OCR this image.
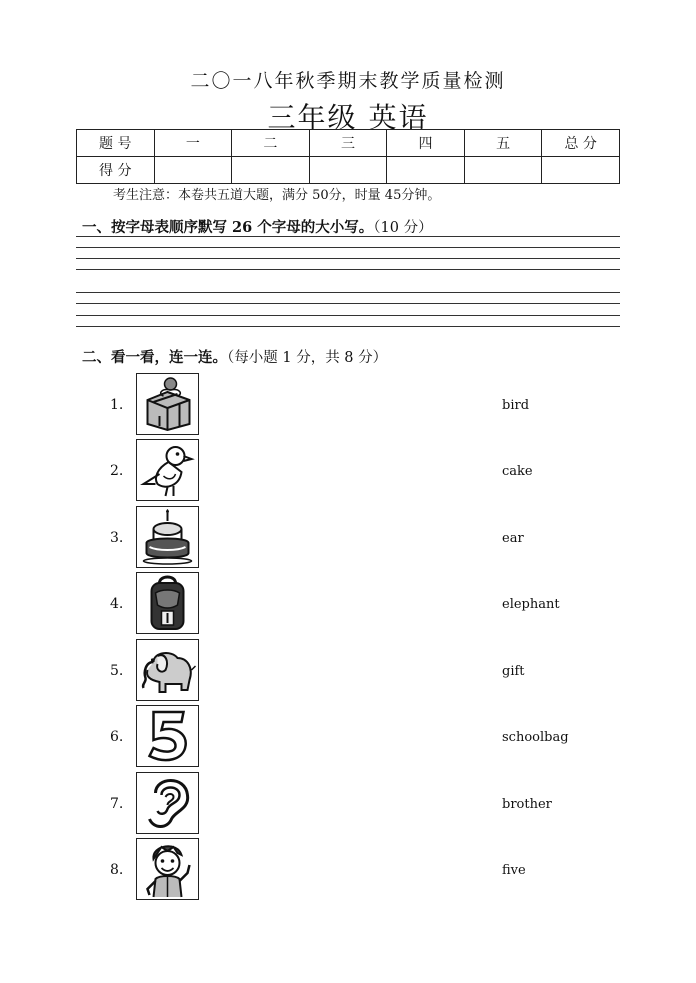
二〇一八年秋季期末教学质量检测
三年级 英语
题 号	一	二	三	四	五	总 分
得 分						
考生注意：本卷共五道大题，满分 50分，时量 45分钟。
一、按字母表顺序默写 26 个字母的大小写。（10 分）
二、看一看，连一连。（每小题 1 分，共 8 分）
1.	bird
2.	cake
3.	ear
4.	elephant
5.	gift
6.	schoolbag
7.	brother
8.	five
